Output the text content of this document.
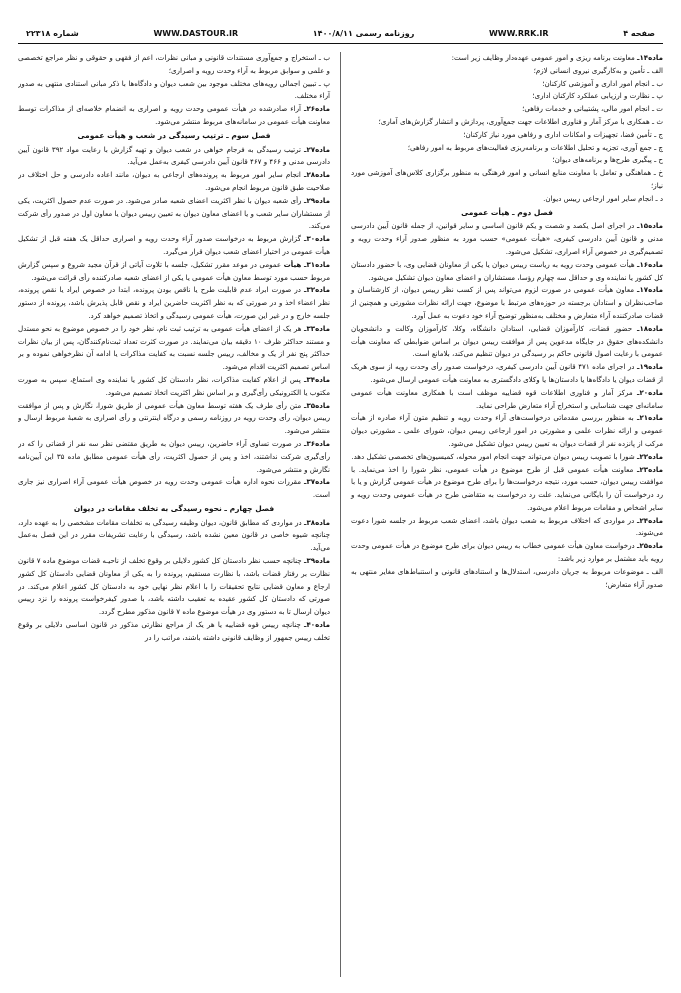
شماره ۲۲۳۱۸	WWW.DASTOUR.IR	روزنامه رسمی ۱۴۰۰/۸/۱۱	WWW.RRK.IR	صفحه ۴
ماده۱۴ـ معاونت برنامه ریزی و امور عمومی عهده‌دار وظایف زیر است:
الف ـ تأمین و به‌کارگیری نیروی انسانی لازم؛
ب ـ انجام امور اداری و آموزشی کارکنان؛
پ ـ نظارت و ارزیابی عملکرد کارکنان اداری؛
ت ـ انجام امور مالی، پشتیبانی و خدمات رفاهی؛
ث ـ همکاری با مرکز آمار و فناوری اطلاعات جهت جمع‌آوری، پردازش و انتشار گزارش‌های آماری؛
ج ـ تأمین فضا، تجهیزات و امکانات اداری و رفاهی مورد نیاز کارکنان؛
چ ـ جمع آوری، تجزیه و تحلیل اطلاعات و برنامه‌ریزی فعالیت‌های مربوط به امور رفاهی؛
ح ـ پیگیری طرح‌ها و برنامه‌های دیوان؛
خ ـ هماهنگی و تعامل با معاونت منابع انسانی و امور فرهنگی به منظور برگزاری کلاس‌های آموزشی مورد نیاز؛
د ـ انجام سایر امور ارجاعی رییس دیوان.
فصل دوم ـ هیأت عمومی
ماده۱۵ـ در اجرای اصل یکصد و شصت و یکم قانون اساسی و سایر قوانین، از جمله قانون آیین دادرسی مدنی و قانون آیین دادرسی کیفری، «هیأت عمومی» حسب مورد به منظور صدور آراء وحدت رویه و تصمیم‌گیری در خصوص آراء اصراری، تشکیل می‌شود.
ماده۱۶ـ هیأت عمومی وحدت رویه به ریاست رییس دیوان یا یکی از معاونان قضایی وی، با حضور دادستان کل کشور یا نماینده وی و حداقل سه چهارم رؤسا، مستشاران و اعضای معاون دیوان تشکیل می‌شود.
ماده۱۷ـ معاون هیأت عمومی در صورت لزوم می‌تواند پس از کسب نظر رییس دیوان، از کارشناسان و صاحب‌نظران و استادان برجسته در حوزه‌های مرتبط با موضوع، جهت ارائه نظرات مشورتی و همچنین از قضات صادرکننده آراء متعارض و مختلف به‌منظور توضیح آراء خود دعوت به عمل آورد.
ماده۱۸ـ حضور قضات، کارآموزان قضایی، استادان دانشگاه، وکلا، کارآموزان وکالت و دانشجویان دانشکده‌های حقوق در جایگاه مدعوین پس از موافقت رییس دیوان بر اساس ضوابطی که معاونت هیأت عمومی با رعایت اصول قانونی حاکم بر رسیدگی در دیوان تنظیم می‌کند، بلامانع است.
ماده۱۹ـ در اجرای ماده ۴۷۱ قانون آیین دادرسی کیفری، درخواست صدور رأی وحدت رویه از سوی هریک از قضات دیوان یا دادگاه‌ها یا دادستان‌ها یا وکلای دادگستری به معاونت هیأت عمومی ارسال می‌شود.
ماده۲۰ـ مرکز آمار و فناوری اطلاعات قوه قضاییه موظف است با همکاری معاونت هیأت عمومی سامانه‌ای جهت شناسایی و استخراج آراء متعارض طراحی نماید.
ماده۲۱ـ به منظور بررسی مقدماتی درخواست‌های آراء وحدت رویه و تنظیم متون آراء صادره از هیأت عمومی و ارائه نظرات علمی و مشورتی در امور ارجاعی رییس دیوان، شورای علمی ـ مشورتی دیوان مرکب از پانزده نفر از قضات دیوان به تعیین رییس دیوان تشکیل می‌شود.
ماده۲۲ـ شورا با تصویب رییس دیوان می‌تواند جهت انجام امور محوله، کمیسیون‌های تخصصی تشکیل دهد.
ماده۲۳ـ معاونت هیأت عمومی قبل از طرح موضوع در هیأت عمومی، نظر شورا را اخذ می‌نماید. با موافقت رییس دیوان، حسب مورد، نتیجه درخواست‌ها را برای طرح موضوع در هیأت عمومی گزارش و یا با رد درخواست آن را بایگانی می‌نماید. علت رد درخواست به متقاضی طرح در هیأت عمومی وحدت رویه و سایر اشخاص و مقامات مربوط اعلام می‌شود.
ماده۲۴ـ در مواردی که اختلاف مربوط به شعب دیوان باشد، اعضای شعب مربوط در جلسه شورا دعوت می‌شوند.
ماده۲۵ـ درخواست معاون هیأت عمومی خطاب به رییس دیوان برای طرح موضوع در هیأت عمومی وحدت رویه باید مشتمل بر موارد زیر باشد:
الف ـ موضوعات مربوط به جریان دادرسی، استدلال‌ها و استنادهای قانونی و استنباط‌های مغایر منتهی به صدور آراء متعارض؛
ب ـ استخراج و جمع‌آوری مستندات قانونی و مبانی نظرات، اعم از فقهی و حقوقی و نظر مراجع تخصصی و علمی و سوابق مربوط به آراء وحدت رویه و اصراری؛
پ ـ تبیین اجمالی رویه‌های مختلف موجود بین شعب دیوان و دادگاه‌ها با ذکر مبانی استنادی منتهی به صدور آراء مختلف.
ماده۲۶ـ آراء صادرشده در هیأت عمومی وحدت رویه و اصراری به انضمام خلاصه‌ای از مذاکرات توسط معاونت هیأت عمومی در سامانه‌های مربوط منتشر می‌شود.
فصل سوم ـ ترتیب رسیدگی در شعب و هیأت عمومی
ماده۲۷ـ ترتیب رسیدگی به فرجام خواهی در شعب دیوان و تهیه گزارش با رعایت مواد ۳۹۲ قانون آیین دادرسی مدنی و ۴۶۶ و ۴۶۷ قانون آیین دادرسی کیفری به‌عمل می‌آید.
ماده۲۸ـ انجام سایر امور مربوط به پرونده‌های ارجاعی به دیوان، مانند اعاده دادرسی و حل اختلاف در صلاحیت طبق قانون مربوط انجام می‌شود.
ماده۲۹ـ رأی شعبه دیوان با نظر اکثریت اعضای شعبه صادر می‌شود. در صورت عدم حصول اکثریت، یکی از مستشاران سایر شعب و یا اعضای معاون دیوان به تعیین رییس دیوان یا معاون اول در صدور رأی شرکت می‌کند.
ماده۳۰ـ گزارش مربوط به درخواست صدور آراء وحدت رویه و اصراری حداقل یک هفته قبل از تشکیل هیأت عمومی در اختیار اعضای شعب دیوان قرار می‌گیرد.
ماده۳۱ـ هیأت عمومی در موعد مقرر تشکیل، جلسه با تلاوت آیاتی از قرآن مجید شروع و سپس گزارش مربوط حسب مورد توسط معاون هیأت عمومی یا یکی از اعضای شعبه صادرکننده رأی قرائت می‌شود.
ماده۳۲ـ در صورت ابراد عدم قابلیت طرح یا ناقص بودن پرونده، ابتدا در خصوص ایراد یا نقص پرونده، نظر اعضاء اخذ و در صورتی که به نظر اکثریت حاضرین ایراد و نقص قابل پذیرش باشد، پرونده از دستور جلسه خارج و در غیر این صورت، هیأت عمومی رسیدگی و اتخاذ تصمیم خواهد کرد.
ماده۳۳ـ هر یک از اعضای هیأت عمومی به ترتیب ثبت نام، نظر خود را در خصوص موضوع به نحو مستدل و مستند حداکثر ظرف ۱۰ دقیقه بیان می‌نمایند. در صورت کثرت تعداد ثبت‌نام‌کنندگان، پس از بیان نظرات حداکثر پنج نفر از یک و مخالف، رییس جلسه نسبت به کفایت مذاکرات یا ادامه آن نظرخواهی نموده و بر اساس تصمیم اکثریت اقدام می‌شود.
ماده۳۴ـ پس از اعلام کفایت مذاکرات، نظر دادستان کل کشور یا نماینده وی استماع، سپس به صورت مکتوب یا الکترونیکی رأی‌گیری و بر اساس نظر اکثریت اتخاذ تصمیم می‌شود.
ماده۳۵ـ متن رأی طرف یک هفته توسط معاون هیأت عمومی از طریق شورا، نگارش و پس از موافقت رییس دیوان، رأی وحدت رویه در روزنامه رسمی و درگاه اینترنتی و رأی اصراری به شعبهٔ مربوط ارسال و منتشر می‌شود.
ماده۳۶ـ در صورت تساوی آراء حاضرین، رییس دیوان به طریق مقتضی نظر سه نفر از قضاتی را که در رأی‌گیری شرکت نداشتند، اخذ و پس از حصول اکثریت، رأی هیأت عمومی مطابق ماده ۳۵ این آیین‌نامه نگارش و منتشر می‌شود.
ماده۳۷ـ مقررات نحوه اداره هیأت عمومی وحدت رویه در خصوص هیأت عمومی آراء اصراری نیز جاری است.
فصل چهارم ـ نحوه رسیدگی به تخلف مقامات در دیوان
ماده۳۸ـ در مواردی که مطابق قانون، دیوان وظیفه رسیدگی به تخلفات مقامات مشخصی را به عهده دارد، چنانچه شیوه خاصی در قانون معین نشده باشد، رسیدگی با رعایت تشریفات مقرر در این فصل به‌عمل می‌آید.
ماده۳۹ـ چنانچه حسب نظر دادستان کل کشور دلایلی بر وقوع تخلف از ناحیـه قضات موضوع ماده ۷ قانون نظارت بر رفتار قضات باشد، با نظارت مستقیم، پرونده را به یکی از معاونان قضایی دادستان کل کشور ارجاع و معاون قضایی نتایج تحقیقات را با اعلام نظر نهایی خود به دادستان کل کشور اعلام می‌کند. در صورتی که دادستان کل کشور عقیده به تعقیب داشته باشد، با صدور کیفرخواست پرونده را نزد رییس دیوان ارسال تا به دستور وی در هیأت موضوع ماده ۷ قانون مذکور مطرح گردد.
ماده۴۰ـ چنانچه رییس قوه قضاییه یا هر یک از مراجع نظارتی مذکور در قانون اساسی دلایلی بر وقوع تخلف رییس جمهور از وظایف قانونی داشته باشند، مراتب را در
